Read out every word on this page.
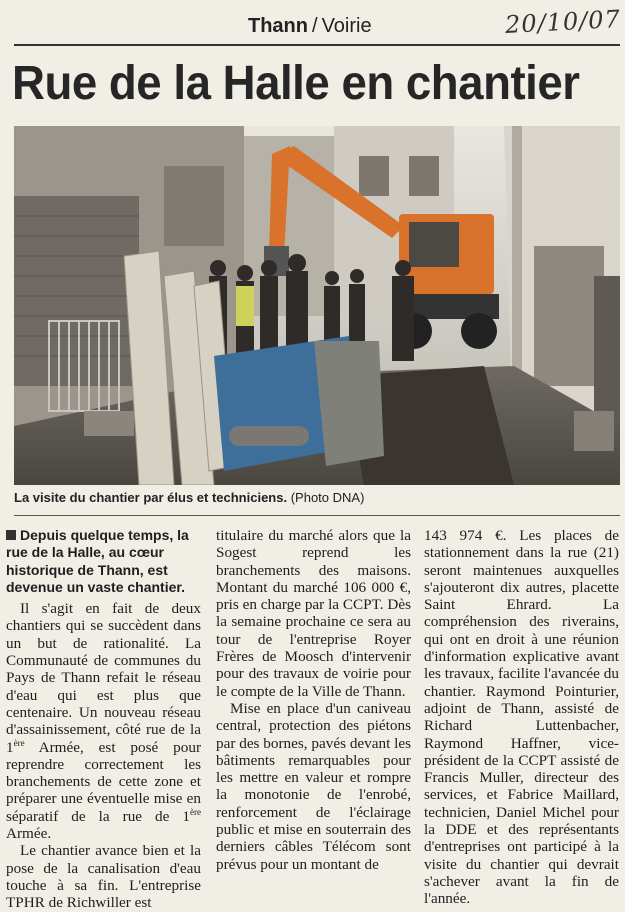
Thann / Voirie	20/10/07
Rue de la Halle en chantier
La visite du chantier par élus et techniciens. (Photo DNA)

Depuis quelque temps, la rue de la Halle, au cœur historique de Thann, est devenue un vaste chantier.

Il s'agit en fait de deux chantiers qui se succèdent dans un but de rationalité. La Communauté de communes du Pays de Thann refait le réseau d'eau qui est plus que centenaire. Un nouveau réseau d'assainissement, côté rue de la 1ère Armée, est posé pour reprendre correctement les branchements de cette zone et préparer une éventuelle mise en séparatif de la rue de 1ère Armée.

Le chantier avance bien et la pose de la canalisation d'eau touche à sa fin. L'entreprise TPHR de Richwiller est

titulaire du marché alors que la Sogest reprend les branchements des maisons. Montant du marché 106 000 €, pris en charge par la CCPT. Dès la semaine prochaine ce sera au tour de l'entreprise Royer Frères de Moosch d'intervenir pour des travaux de voirie pour le compte de la Ville de Thann.

Mise en place d'un caniveau central, protection des piétons par des bornes, pavés devant les bâtiments remarquables pour les mettre en valeur et rompre la monotonie de l'enrobé, renforcement de l'éclairage public et mise en souterrain des derniers câbles Télécom sont prévus pour un montant de

143 974 €. Les places de stationnement dans la rue (21) seront maintenues auxquelles s'ajouteront dix autres, placette Saint Ehrard. La compréhension des riverains, qui ont en droit à une réunion d'information explicative avant les travaux, facilite l'avancée du chantier. Raymond Pointurier, adjoint de Thann, assisté de Richard Luttenbacher, Raymond Haffner, vice-président de la CCPT assisté de Francis Muller, directeur des services, et Fabrice Maillard, technicien, Daniel Michel pour la DDE et des représentants d'entreprises ont participé à la visite du chantier qui devrait s'achever avant la fin de l'année.
